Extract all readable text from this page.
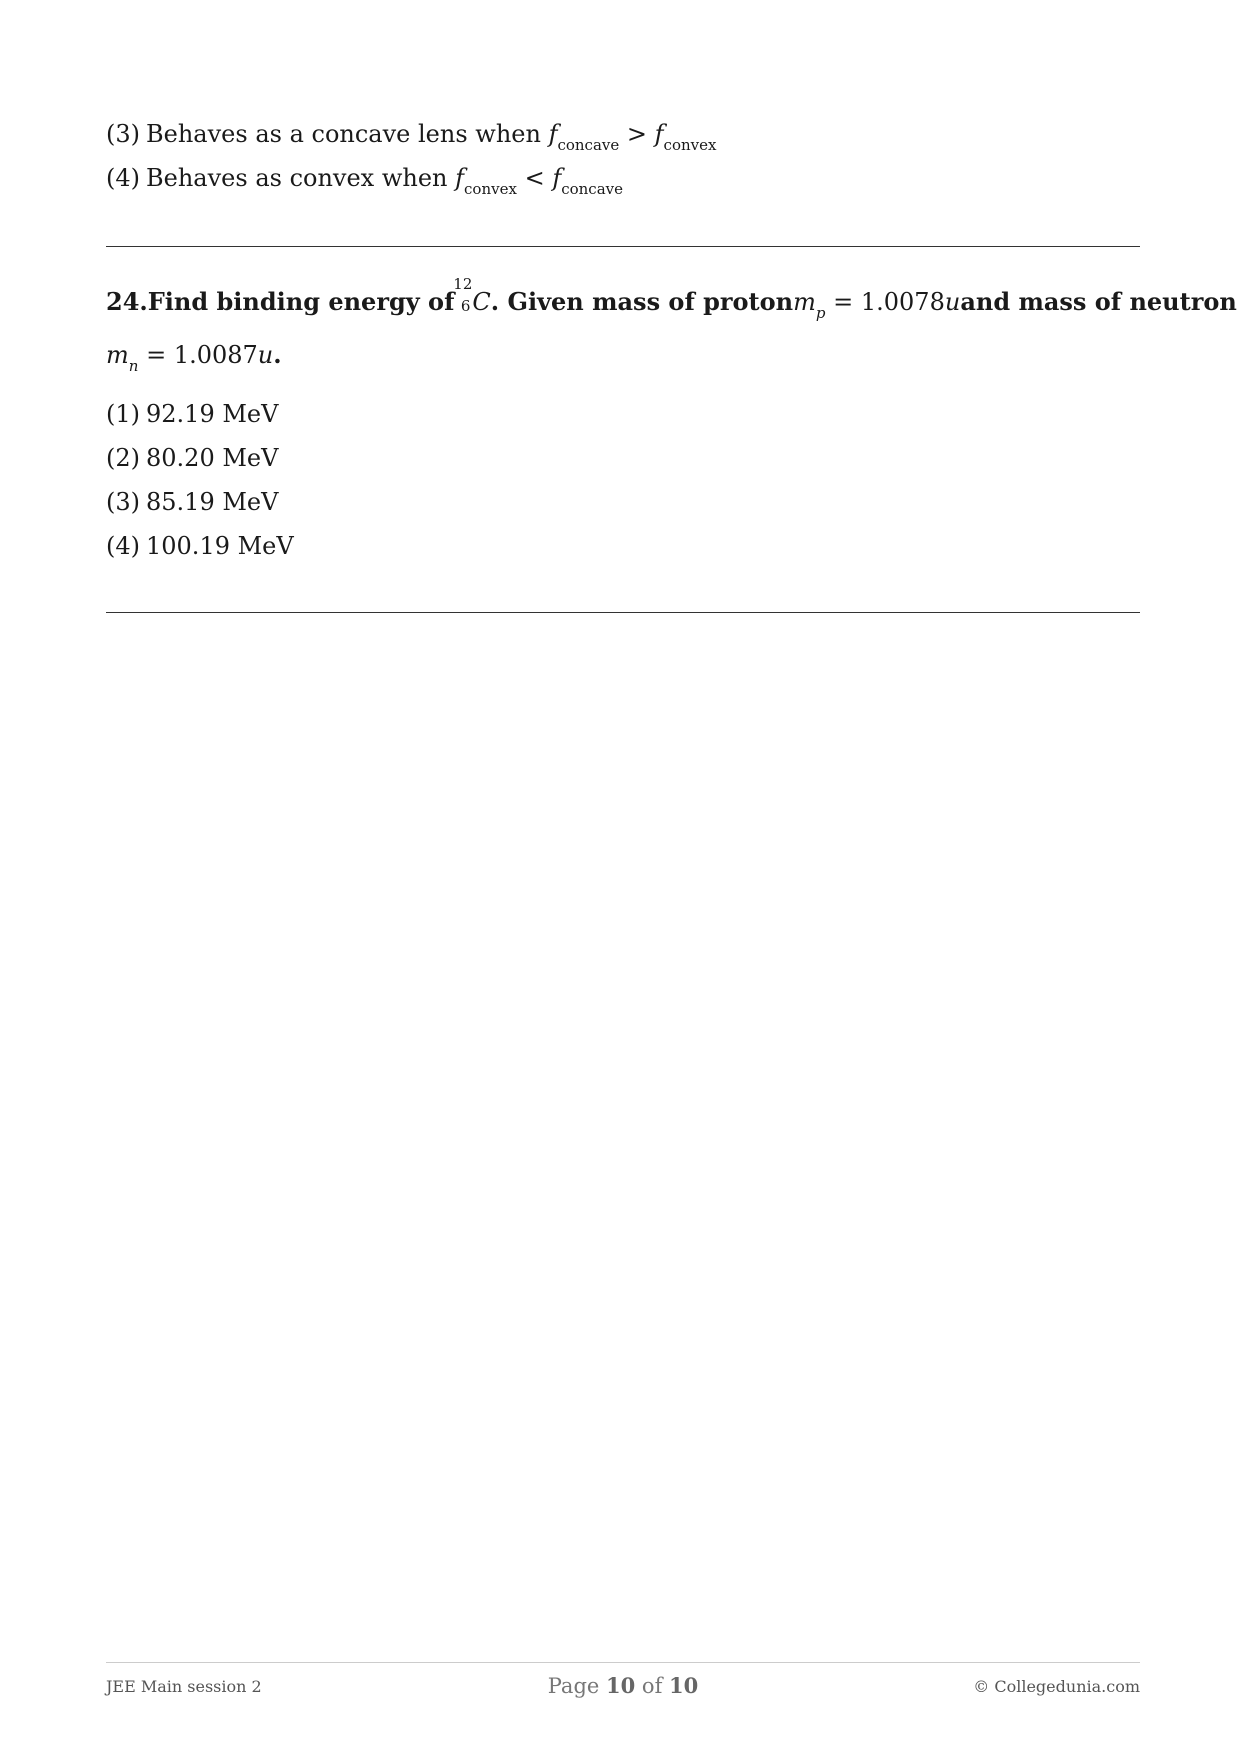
(3) Behaves as a concave lens when $f_{concave} > f_{convex}$
(4) Behaves as convex when $f_{convex} < f_{concave}$
24. Find binding energy of
12
6 C . Given mass of proton $m_p = 1.0078u$ and mass of neutron
$m_n = 1.0087u$.
(1) 92.19 MeV
(2) 80.20 MeV
(3) 85.19 MeV
(4) 100.19 MeV
JEE Main session 2	Page 10 of 10	© Collegedunia.com
